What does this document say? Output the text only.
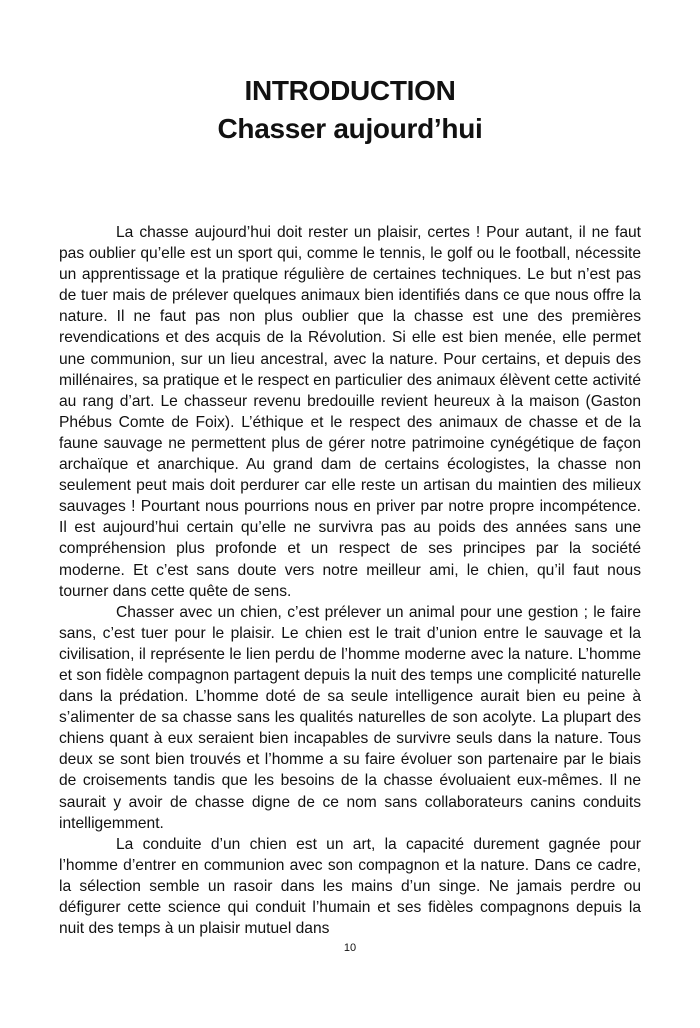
INTRODUCTION
Chasser aujourd’hui

La chasse aujourd’hui doit rester un plaisir, certes ! Pour autant, il ne faut pas oublier qu’elle est un sport qui, comme le tennis, le golf ou le football, nécessite un apprentissage et la pratique régulière de certaines techniques. Le but n’est pas de tuer mais de prélever quelques animaux bien identifiés dans ce que nous offre la nature. Il ne faut pas non plus oublier que la chasse est une des premières revendications et des acquis de la Révolution. Si elle est bien menée, elle permet une communion, sur un lieu ancestral, avec la nature. Pour certains, et depuis des millénaires, sa pratique et le respect en particulier des animaux élèvent cette activité au rang d’art. Le chasseur revenu bredouille revient heureux à la maison (Gaston Phébus Comte de Foix). L’éthique et le respect des animaux de chasse et de la faune sauvage ne permettent plus de gérer notre patrimoine cynégétique de façon archaïque et anarchique. Au grand dam de certains écologistes, la chasse non seulement peut mais doit perdurer car elle reste un artisan du maintien des milieux sauvages ! Pourtant nous pourrions nous en priver par notre propre incompétence. Il est aujourd’hui certain qu’elle ne survivra pas au poids des années sans une compréhension plus profonde et un respect de ses principes par la société moderne. Et c’est sans doute vers notre meilleur ami, le chien, qu’il faut nous tourner dans cette quête de sens.

Chasser avec un chien, c’est prélever un animal pour une gestion ; le faire sans, c’est tuer pour le plaisir. Le chien est le trait d’union entre le sauvage et la civilisation, il représente le lien perdu de l’homme moderne avec la nature. L’homme et son fidèle compagnon partagent depuis la nuit des temps une complicité naturelle dans la prédation. L’homme doté de sa seule intelligence aurait bien eu peine à s’alimenter de sa chasse sans les qualités naturelles de son acolyte. La plupart des chiens quant à eux seraient bien incapables de survivre seuls dans la nature. Tous deux se sont bien trouvés et l’homme a su faire évoluer son partenaire par le biais de croisements tandis que les besoins de la chasse évoluaient eux-mêmes. Il ne saurait y avoir de chasse digne de ce nom sans collaborateurs canins conduits intelligemment.

La conduite d’un chien est un art, la capacité durement gagnée pour l’homme d’entrer en communion avec son compagnon et la nature. Dans ce cadre, la sélection semble un rasoir dans les mains d’un singe. Ne jamais perdre ou défigurer cette science qui conduit l’humain et ses fidèles compagnons depuis la nuit des temps à un plaisir mutuel dans

10
